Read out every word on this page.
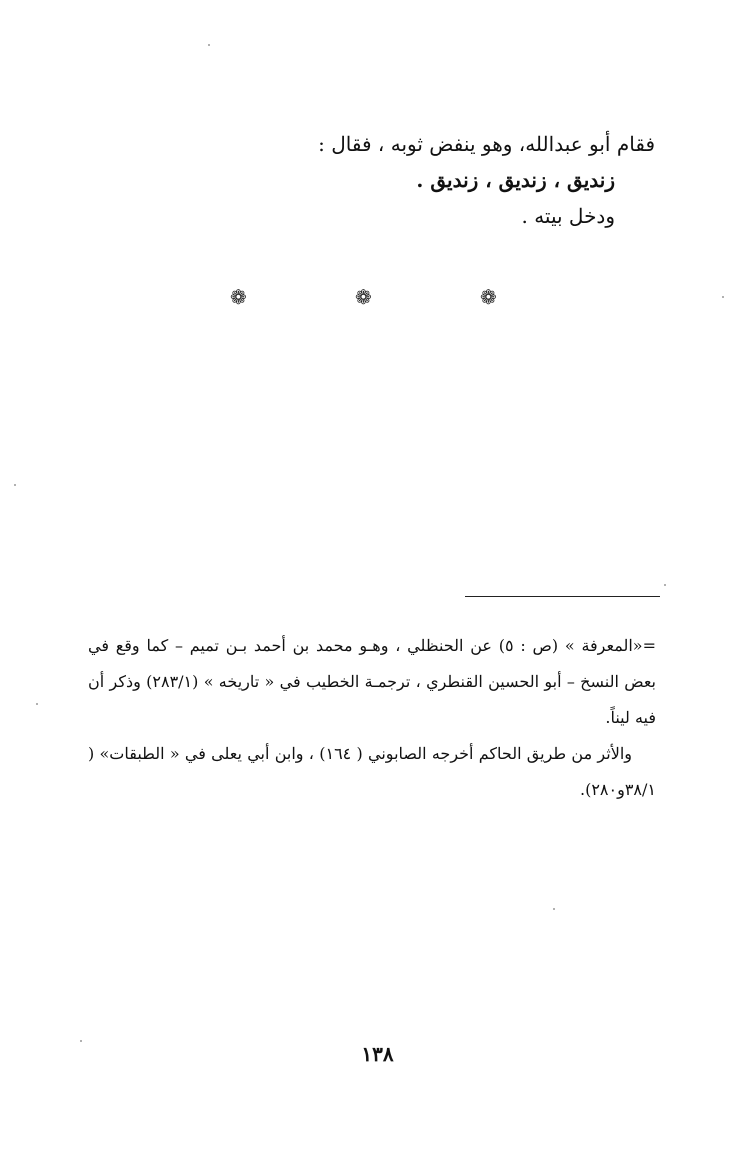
فقام أبو عبدالله، وهو ينفض ثوبه ، فقال :
زنديق ، زنديق ، زنديق .
ودخل بيته .
❁	❁	❁

=«المعرفة » (ص : ٥) عن الحنظلي ، وهـو محمد بن أحمد بـن تميم – كما وقع في بعض النسخ – أبو الحسين القنطري ، ترجمـة الخطيب في « تاريخه » (٢٨٣/١) وذكر أن فيه ليناً.

والأثر من طريق الحاكم أخرجه الصابوني ( ١٦٤) ، وابن أبي يعلى في « الطبقات» ( ٣٨/١و٢٨٠).

١٣٨
